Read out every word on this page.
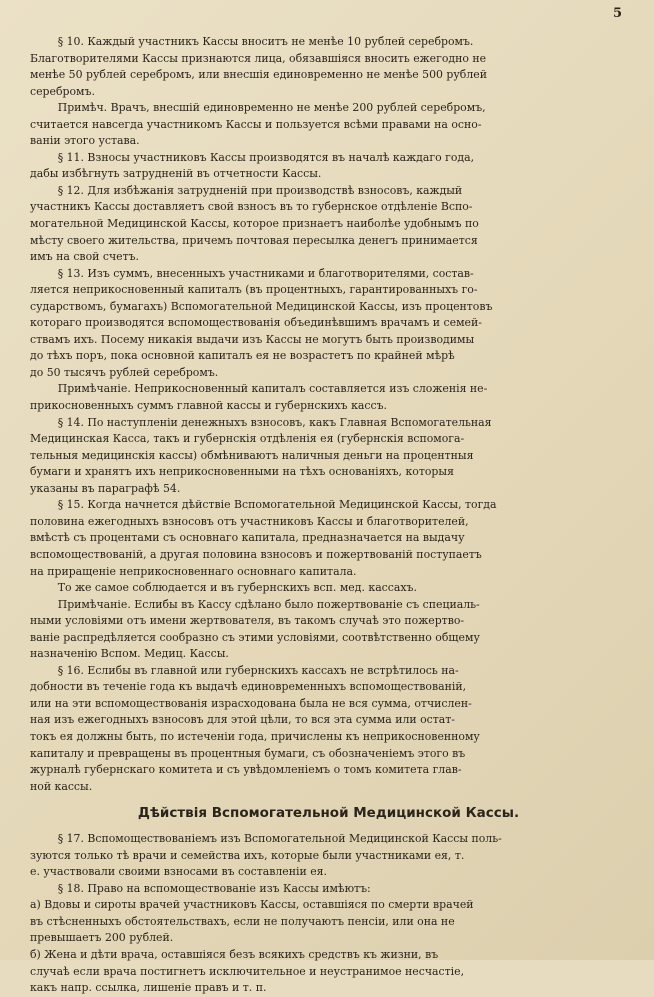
5
§ 10. Каждый участникъ Кассы вноситъ не менѣе 10 рублей серебромъ.
Благотворителями Кассы признаются лица, обязавшіяся вносить ежегодно не
менѣе 50 рублей серебромъ, или внесшія единовременно не менѣе 500 рублей
серебромъ.
Примѣч. Врачъ, внесшій единовременно не менѣе 200 рублей серебромъ,
считается навсегда участникомъ Кассы и пользуется всѣми правами на осно-
ваніи этого устава.
§ 11. Взносы участниковъ Кассы производятся въ началѣ каждаго года,
дабы избѣгнуть затрудненій въ отчетности Кассы.
§ 12. Для избѣжанія затрудненій при производствѣ взносовъ, каждый
участникъ Кассы доставляетъ свой взносъ въ то губернское отдѣленіе Вспо-
могательной Медицинской Кассы, которое признаетъ наиболѣе удобнымъ по
мѣсту своего жительства, причемъ почтовая пересылка денегъ принимается
имъ на свой счетъ.
§ 13. Изъ суммъ, внесенныхъ участниками и благотворителями, состав-
ляется неприкосновенный капиталъ (въ процентныхъ, гарантированныхъ го-
сударствомъ, бумагахъ) Вспомогательной Медицинской Кассы, изъ процентовъ
котораго производятся вспомоществованія объединѣвшимъ врачамъ и семей-
ствамъ ихъ. Посему никакія выдачи изъ Кассы не могутъ быть производимы
до тѣхъ поръ, пока основной капиталъ ея не возрастетъ по крайней мѣрѣ
до 50 тысячъ рублей серебромъ.
Примѣчаніе. Неприкосновенный капиталъ составляется изъ сложенія не-
прикосновенныхъ суммъ главной кассы и губернскихъ кассъ.
§ 14. По наступленіи денежныхъ взносовъ, какъ Главная Вспомогательная
Медицинская Касса, такъ и губернскія отдѣленія ея (губернскія вспомога-
тельныя медицинскія кассы) обмѣниваютъ наличныя деньги на процентныя
бумаги и хранятъ ихъ неприкосновенными на тѣхъ основаніяхъ, которыя
указаны въ параграфѣ 54.
§ 15. Когда начнется дѣйствіе Вспомогательной Медицинской Кассы, тогда
половина ежегодныхъ взносовъ отъ участниковъ Кассы и благотворителей,
вмѣстѣ съ процентами съ основнаго капитала, предназначается на выдачу
вспомоществованій, а другая половина взносовъ и пожертвованій поступаетъ
на приращеніе неприкосновеннаго основнаго капитала.
То же самое соблюдается и въ губернскихъ всп. мед. кассахъ.
Примѣчаніе. Еслибы въ Кассу сдѣлано было пожертвованіе съ специаль-
ными условіями отъ имени жертвователя, въ такомъ случаѣ это пожертво-
ваніе распредѣляется сообразно съ этими условіями, соотвѣтственно общему
назначенію Вспом. Медиц. Кассы.
§ 16. Еслибы въ главной или губернскихъ кассахъ не встрѣтилось на-
добности въ теченіе года къ выдачѣ единовременныхъ вспомоществованій,
или на эти вспомоществованія израсходована была не вся сумма, отчислен-
ная изъ ежегодныхъ взносовъ для этой цѣли, то вся эта сумма или остат-
токъ ея должны быть, по истеченіи года, причислены къ неприкосновенному
капиталу и превращены въ процентныя бумаги, съ обозначеніемъ этого въ
журналѣ губернскаго комитета и съ увѣдомленіемъ о томъ комитета глав-
ной кассы.
Дѣйствія Вспомогательной Медицинской Кассы.
§ 17. Вспомоществованіемъ изъ Вспомогательной Медицинской Кассы поль-
зуются только тѣ врачи и семейства ихъ, которые были участниками ея, т.
е. участвовали своими взносами въ составленіи ея.
§ 18. Право на вспомоществованіе изъ Кассы имѣютъ:
а) Вдовы и сироты врачей участниковъ Кассы, оставшіяся по смерти врачей
въ стѣсненныхъ обстоятельствахъ, если не получаютъ пенсіи, или она не
превышаетъ 200 рублей.
б) Жена и дѣти врача, оставшіяся безъ всякихъ средствъ къ жизни, въ
случаѣ если врача постигнетъ исключительное и неустранимое несчастіе,
какъ напр. ссылка, лишеніе правъ и т. п.
